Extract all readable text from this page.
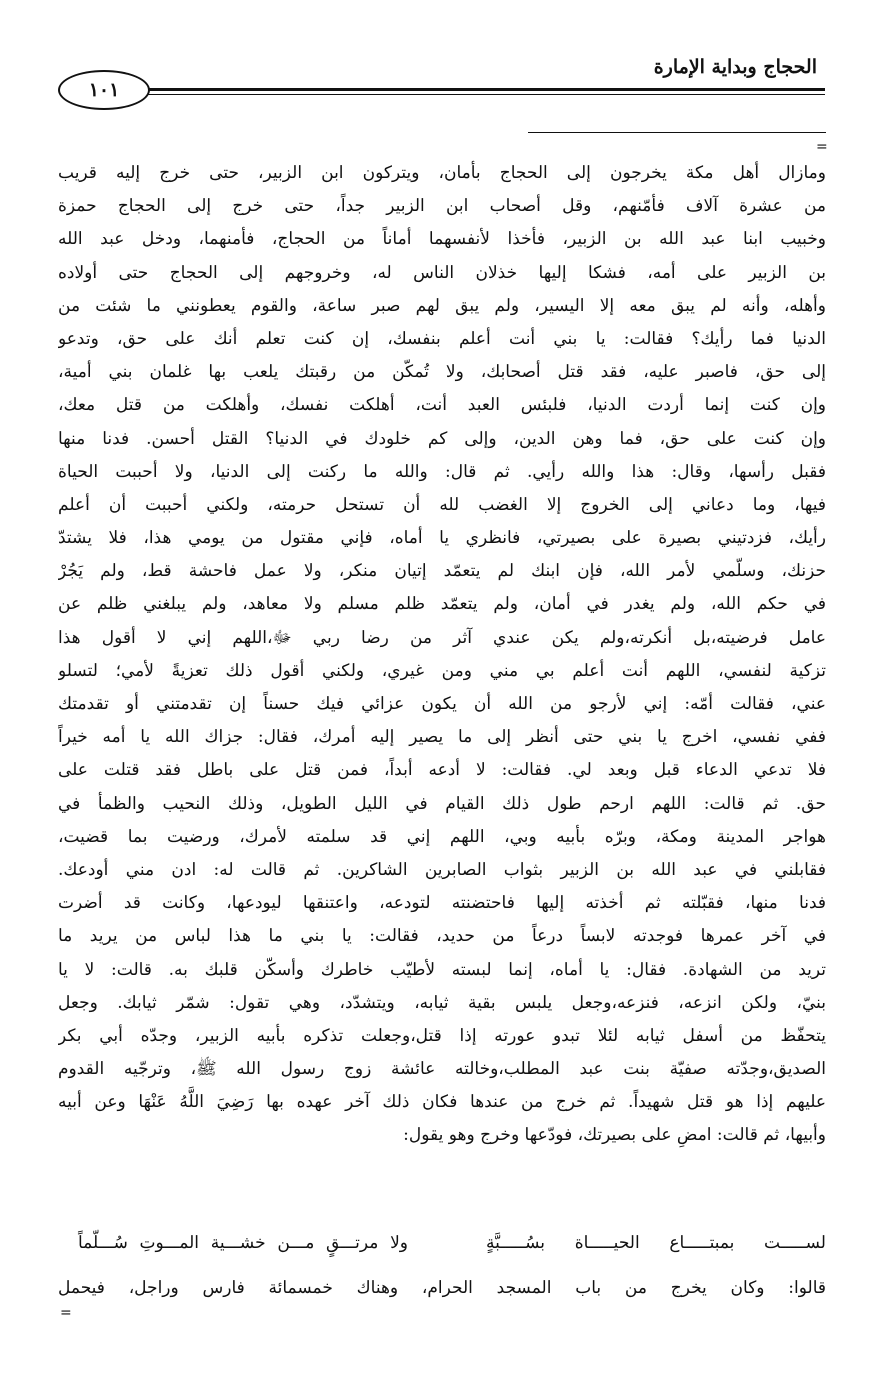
الحجاج وبداية الإمارة
١٠١
=
ومازال أهل مكة يخرجون إلى الحجاج بأمان، ويتركون ابن الزبير، حتى خرج إليه قريب
من عشرة آلاف فأمّنهم، وقل أصحاب ابن الزبير جداً، حتى خرج إلى الحجاج حمزة
وخبيب ابنا عبد الله بن الزبير، فأخذا لأنفسهما أماناً من الحجاج، فأمنهما، ودخل عبد الله
بن الزبير على أمه، فشكا إليها خذلان الناس له، وخروجهم إلى الحجاج حتى أولاده
وأهله، وأنه لم يبق معه إلا اليسير، ولم يبق لهم صبر ساعة، والقوم يعطونني ما شئت من
الدنيا فما رأيك؟ فقالت: يا بني أنت أعلم بنفسك، إن كنت تعلم أنك على حق، وتدعو
إلى حق، فاصبر عليه، فقد قتل أصحابك، ولا تُمكّن من رقبتك يلعب بها غلمان بني أمية،
وإن كنت إنما أردت الدنيا، فلبئس العبد أنت، أهلكت نفسك، وأهلكت من قتل معك،
وإن كنت على حق، فما وهن الدين، وإلى كم خلودك في الدنيا؟ القتل أحسن. فدنا منها
فقبل رأسها، وقال: هذا والله رأيي. ثم قال: والله ما ركنت إلى الدنيا، ولا أحببت الحياة
فيها، وما دعاني إلى الخروج إلا الغضب لله أن تستحل حرمته، ولكني أحببت أن أعلم
رأيك، فزدتيني بصيرة على بصيرتي، فانظري يا أماه، فإني مقتول من يومي هذا، فلا يشتدّ
حزنك، وسلّمي لأمر الله، فإن ابنك لم يتعمّد إتيان منكر، ولا عمل فاحشة قط، ولم يَجُرْ
في حكم الله، ولم يغدر في أمان، ولم يتعمّد ظلم مسلم ولا معاهد، ولم يبلغني ظلم عن
عامل فرضيته،بل أنكرته،ولم يكن عندي آثر من رضا ربي ﷻ،اللهم إني لا أقول هذا
تزكية لنفسي، اللهم أنت أعلم بي مني ومن غيري، ولكني أقول ذلك تعزيةً لأمي؛ لتسلو
عني، فقالت أمّه: إني لأرجو من الله أن يكون عزائي فيك حسناً إن تقدمتني أو تقدمتك
ففي نفسي، اخرج يا بني حتى أنظر إلى ما يصير إليه أمرك، فقال: جزاك الله يا أمه خيراً
فلا تدعي الدعاء قبل وبعد لي. فقالت: لا أدعه أبداً، فمن قتل على باطل فقد قتلت على
حق. ثم قالت: اللهم ارحم طول ذلك القيام في الليل الطويل، وذلك النحيب والظمأ في
هواجر المدينة ومكة، وبرّه بأبيه وبي، اللهم إني قد سلمته لأمرك، ورضيت بما قضيت،
فقابلني في عبد الله بن الزبير بثواب الصابرين الشاكرين. ثم قالت له: ادن مني أودعك.
فدنا منها، فقبّلته ثم أخذته إليها فاحتضنته لتودعه، واعتنقها ليودعها، وكانت قد أضرت
في آخر عمرها فوجدته لابساً درعاً من حديد، فقالت: يا بني ما هذا لباس من يريد ما
تريد من الشهادة. فقال: يا أماه، إنما لبسته لأطيّب خاطرك وأسكّن قلبك به. قالت: لا يا
بنيّ، ولكن انزعه، فنزعه،وجعل يلبس بقية ثيابه، ويتشدّد، وهي تقول: شمّر ثيابك. وجعل
يتحفّظ من أسفل ثيابه لئلا تبدو عورته إذا قتل،وجعلت تذكره بأبيه الزبير، وجدّه أبي بكر
الصديق،وجدّته صفيّة بنت عبد المطلب،وخالته عائشة زوج رسول الله ﷺ، وترجّيه القدوم
عليهم إذا هو قتل شهيداً. ثم خرج من عندها فكان ذلك آخر عهده بها رَضِيَ اللَّهُ عَنْهَا وعن أبيه
وأبيها، ثم قالت: امضِ على بصيرتك، فودّعها وخرج وهو يقول:
لســـــت بمبتـــــاع الحيـــــاة بسُـــــبَّةٍ
ولا مرتـــقٍ مـــن خشـــية المـــوتِ سُـــلّماً
قالوا: وكان يخرج من باب المسجد الحرام، وهناك خمسمائة فارس وراجل، فيحمل
=
